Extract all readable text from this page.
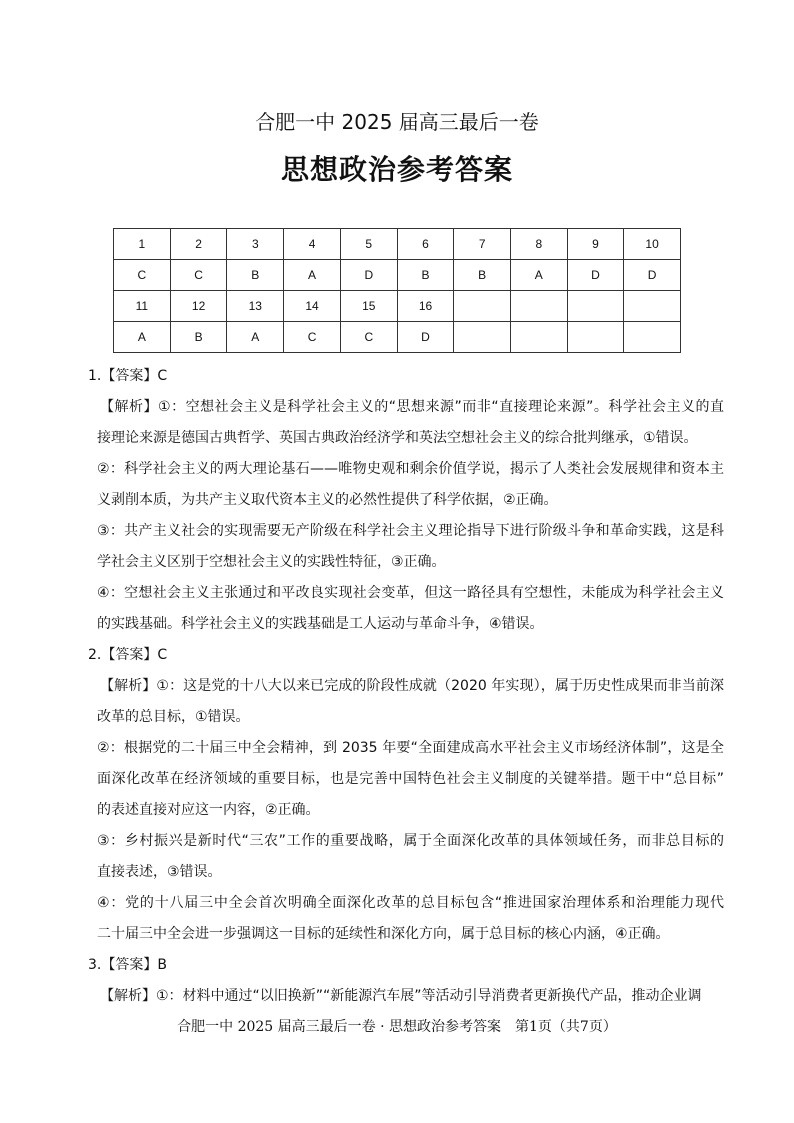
合肥一中 2025 届高三最后一卷
思想政治参考答案
1	2	3	4	5	6	7	8	9	10
C	C	B	A	D	B	B	A	D	D
11	12	13	14	15	16				
A	B	A	C	C	D				
1.【答案】C
【解析】①：空想社会主义是科学社会主义的“思想来源”而非“直接理论来源”。科学社会主义的直
接理论来源是德国古典哲学、英国古典政治经济学和英法空想社会主义的综合批判继承，①错误。
②：科学社会主义的两大理论基石——唯物史观和剩余价值学说，揭示了人类社会发展规律和资本主
义剥削本质，为共产主义取代资本主义的必然性提供了科学依据，②正确。
③：共产主义社会的实现需要无产阶级在科学社会主义理论指导下进行阶级斗争和革命实践，这是科
学社会主义区别于空想社会主义的实践性特征，③正确。
④：空想社会主义主张通过和平改良实现社会变革，但这一路径具有空想性，未能成为科学社会主义
的实践基础。科学社会主义的实践基础是工人运动与革命斗争，④错误。
2.【答案】C
【解析】①：这是党的十八大以来已完成的阶段性成就（2020 年实现），属于历史性成果而非当前深
改革的总目标，①错误。
②：根据党的二十届三中全会精神，到 2035 年要“全面建成高水平社会主义市场经济体制”，这是全
面深化改革在经济领域的重要目标，也是完善中国特色社会主义制度的关键举措。题干中“总目标”
的表述直接对应这一内容，②正确。
③：乡村振兴是新时代“三农”工作的重要战略，属于全面深化改革的具体领域任务，而非总目标的
直接表述，③错误。
④：党的十八届三中全会首次明确全面深化改革的总目标包含“推进国家治理体系和治理能力现代
二十届三中全会进一步强调这一目标的延续性和深化方向，属于总目标的核心内涵，④正确。
3.【答案】B
【解析】①：材料中通过“以旧换新”“新能源汽车展”等活动引导消费者更新换代产品，推动企业调
合肥一中 2025 届高三最后一卷 · 思想政治参考答案　第1页（共7页）
